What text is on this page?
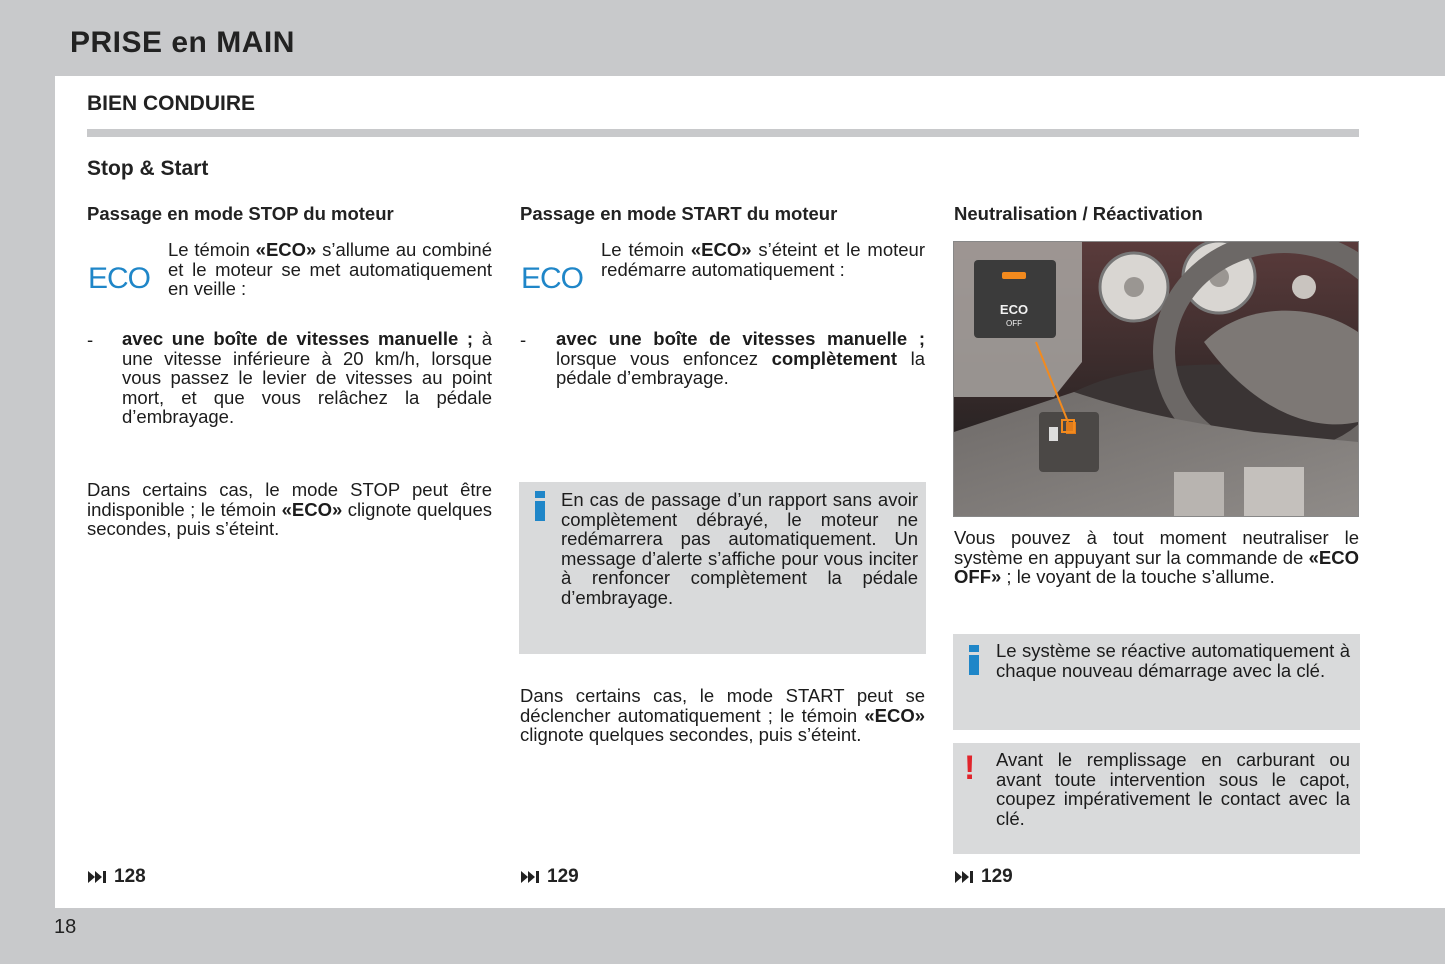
PRISE en MAIN
18
BIEN CONDUIRE
Stop & Start
Passage en mode STOP du moteur
ECO
Le témoin «ECO» s’allume au combiné et le moteur se met automatiquement en veille :
- avec une boîte de vitesses manuelle ; à une vitesse inférieure à 20 km/h, lorsque vous passez le levier de vitesses au point mort, et que vous relâchez la pédale d’embrayage.
Dans certains cas, le mode STOP peut être indisponible ; le témoin «ECO» clignote quelques secondes, puis s’éteint.
128
Passage en mode START du moteur
ECO
Le témoin «ECO» s’éteint et le moteur redémarre automatiquement :
- avec une boîte de vitesses manuelle ; lorsque vous enfoncez complètement la pédale d’embrayage.
En cas de passage d’un rapport sans avoir complètement débrayé, le moteur ne redémarrera pas automatiquement. Un message d’alerte s’affiche pour vous inciter à renfoncer complètement la pédale d’embrayage.
Dans certains cas, le mode START peut se déclencher automatiquement ; le témoin «ECO» clignote quelques secondes, puis s’éteint.
129
Neutralisation / Réactivation
ECO
OFF
Vous pouvez à tout moment neutraliser le système en appuyant sur la commande de «ECO OFF» ; le voyant de la touche s’allume.
Le système se réactive automatiquement à chaque nouveau démarrage avec la clé.
! Avant le remplissage en carburant ou avant toute intervention sous le capot, coupez impérativement le contact avec la clé.
129
